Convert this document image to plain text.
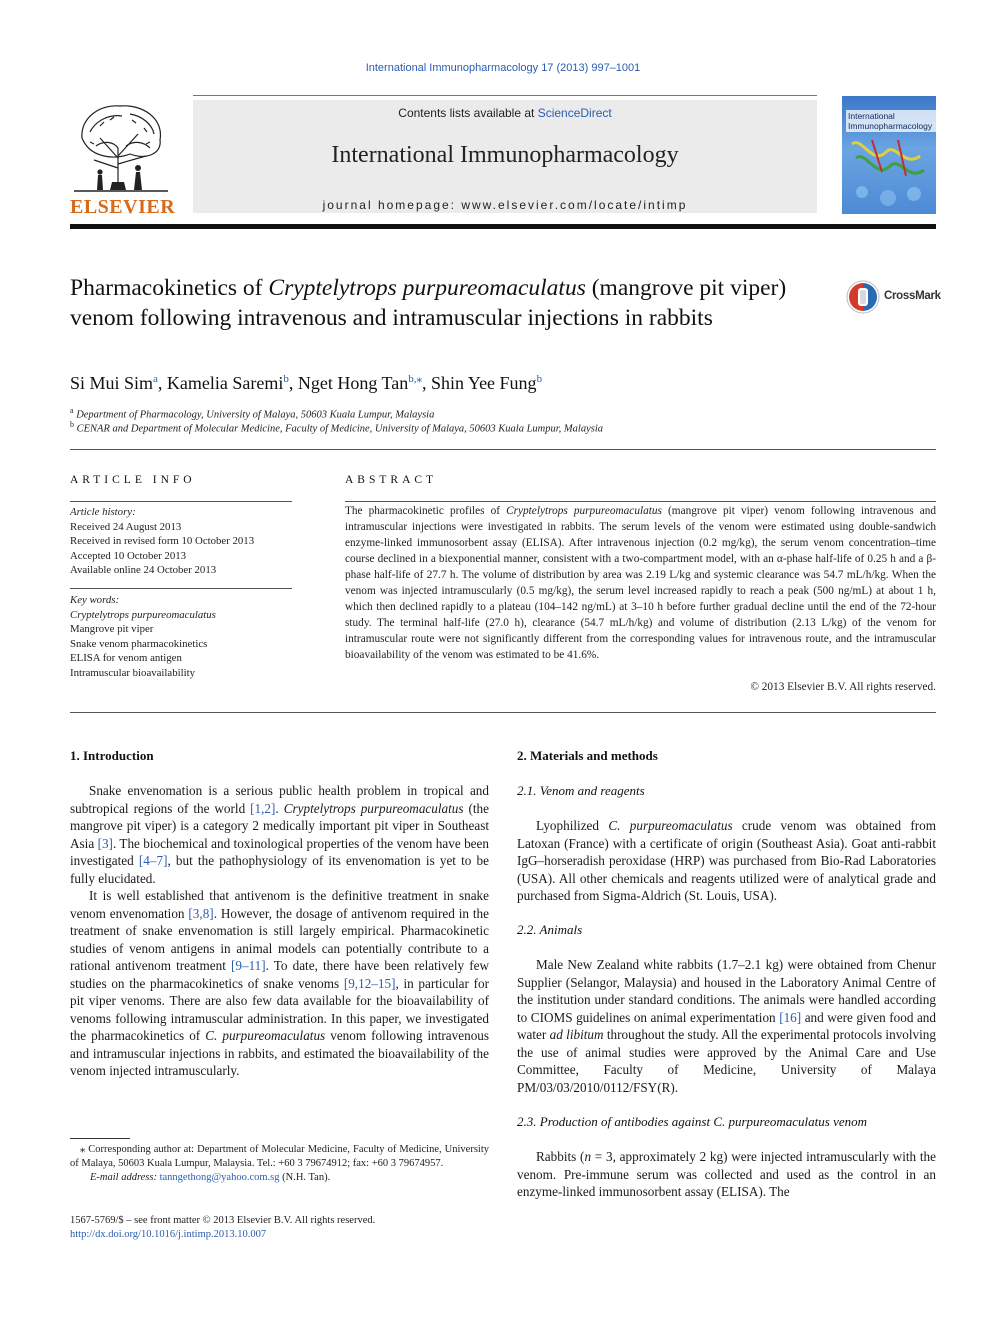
International Immunopharmacology 17 (2013) 997–1001
ELSEVIER
Contents lists available at ScienceDirect
International Immunopharmacology
journal homepage: www.elsevier.com/locate/intimp
International Immunopharmacology
Pharmacokinetics of Cryptelytrops purpureomaculatus (mangrove pit viper) venom following intravenous and intramuscular injections in rabbits
CrossMark
Si Mui Sim$^a$, Kamelia Saremi$^b$, Nget Hong Tan$^{b,⁎}$, Shin Yee Fung$^b$
$^a$ Department of Pharmacology, University of Malaya, 50603 Kuala Lumpur, Malaysia
$^b$ CENAR and Department of Molecular Medicine, Faculty of Medicine, University of Malaya, 50603 Kuala Lumpur, Malaysia
ARTICLE INFO
Article history:
Received 24 August 2013
Received in revised form 10 October 2013
Accepted 10 October 2013
Available online 24 October 2013
Key words:
Cryptelytrops purpureomaculatus
Mangrove pit viper
Snake venom pharmacokinetics
ELISA for venom antigen
Intramuscular bioavailability
ABSTRACT
The pharmacokinetic profiles of Cryptelytrops purpureomaculatus (mangrove pit viper) venom following intravenous and intramuscular injections were investigated in rabbits. The serum levels of the venom were estimated using double-sandwich enzyme-linked immunosorbent assay (ELISA). After intravenous injection (0.2 mg/kg), the serum venom concentration–time course declined in a biexponential manner, consistent with a two-compartment model, with an α-phase half-life of 0.25 h and a β-phase half-life of 27.7 h. The volume of distribution by area was 2.19 L/kg and systemic clearance was 54.7 mL/h/kg. When the venom was injected intramuscularly (0.5 mg/kg), the serum level increased rapidly to reach a peak (500 ng/mL) at about 1 h, which then declined rapidly to a plateau (104–142 ng/mL) at 3–10 h before further gradual decline until the end of the 72-hour study. The terminal half-life (27.0 h), clearance (54.7 mL/h/kg) and volume of distribution (2.13 L/kg) of the venom for intramuscular route were not significantly different from the corresponding values for intravenous route, and the intramuscular bioavailability of the venom was estimated to be 41.6%.
© 2013 Elsevier B.V. All rights reserved.
1. Introduction

Snake envenomation is a serious public health problem in tropical and subtropical regions of the world [1,2]. Cryptelytrops purpureomaculatus (the mangrove pit viper) is a category 2 medically important pit viper in Southeast Asia [3]. The biochemical and toxinological properties of the venom have been investigated [4–7], but the pathophysiology of its envenomation is yet to be fully elucidated.

It is well established that antivenom is the definitive treatment in snake venom envenomation [3,8]. However, the dosage of antivenom required in the treatment of snake envenomation is still largely empirical. Pharmacokinetic studies of venom antigens in animal models can potentially contribute to a rational antivenom treatment [9–11]. To date, there have been relatively few studies on the pharmacokinetics of snake venoms [9,12–15], in particular for pit viper venoms. There are also few data available for the bioavailability of venoms following intramuscular administration. In this paper, we investigated the pharmacokinetics of C. purpureomaculatus venom following intravenous and intramuscular injections in rabbits, and estimated the bioavailability of the venom injected intramuscularly.

⁎ Corresponding author at: Department of Molecular Medicine, Faculty of Medicine, University of Malaya, 50603 Kuala Lumpur, Malaysia. Tel.: +60 3 79674912; fax: +60 3 79674957.
E-mail address: tanngethong@yahoo.com.sg (N.H. Tan).
1567-5769/$ – see front matter © 2013 Elsevier B.V. All rights reserved.
http://dx.doi.org/10.1016/j.intimp.2013.10.007
2. Materials and methods
2.1. Venom and reagents

Lyophilized C. purpureomaculatus crude venom was obtained from Latoxan (France) with a certificate of origin (Southeast Asia). Goat anti-rabbit IgG–horseradish peroxidase (HRP) was purchased from Bio-Rad Laboratories (USA). All other chemicals and reagents utilized were of analytical grade and purchased from Sigma-Aldrich (St. Louis, USA).

2.2. Animals

Male New Zealand white rabbits (1.7–2.1 kg) were obtained from Chenur Supplier (Selangor, Malaysia) and housed in the Laboratory Animal Centre of the institution under standard conditions. The animals were handled according to CIOMS guidelines on animal experimentation [16] and were given food and water ad libitum throughout the study. All the experimental protocols involving the use of animal studies were approved by the Animal Care and Use Committee, Faculty of Medicine, University of Malaya PM/03/03/2010/0112/FSY(R).

2.3. Production of antibodies against C. purpureomaculatus venom

Rabbits (n = 3, approximately 2 kg) were injected intramuscularly with the venom. Pre-immune serum was collected and used as the control in an enzyme-linked immunosorbent assay (ELISA). The
